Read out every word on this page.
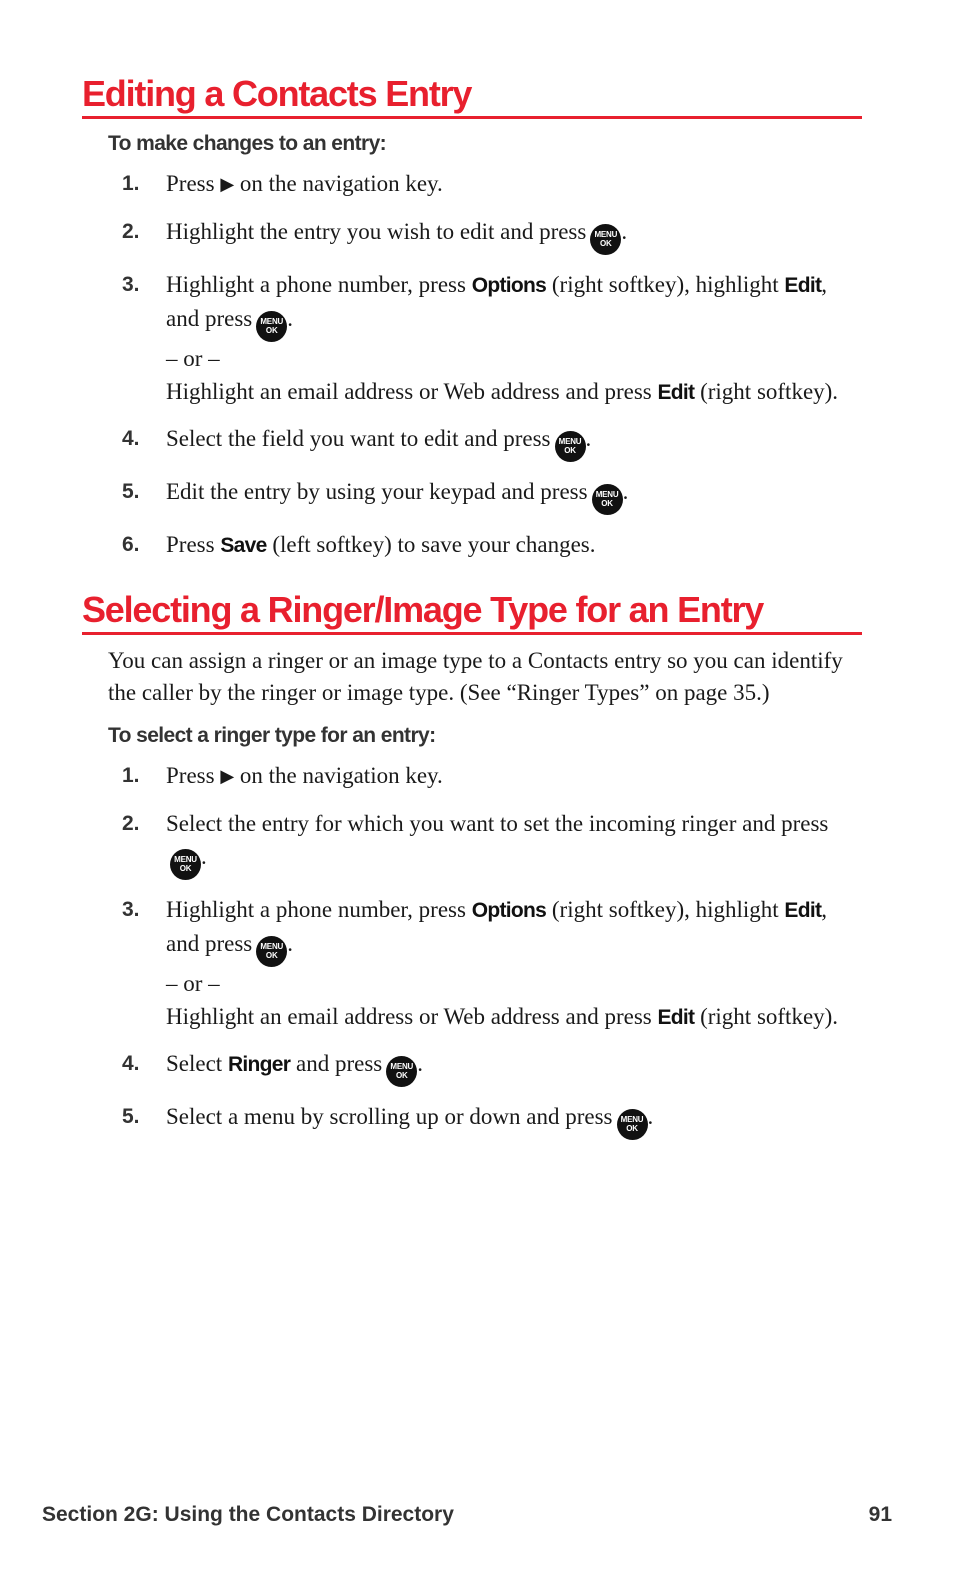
Editing a Contacts Entry
To make changes to an entry:
1. Press ▶ on the navigation key.
2. Highlight the entry you wish to edit and press	MENU
OK .
3. Highlight a phone number, press Options (right softkey), highlight Edit, and press	MENU
OK .
– or –
Highlight an email address or Web address and press Edit (right softkey).
4. Select the field you want to edit and press	MENU
OK .
5. Edit the entry by using your keypad and press	MENU
OK .
6. Press Save (left softkey) to save your changes.
Selecting a Ringer/Image Type for an Entry

You can assign a ringer or an image type to a Contacts entry so you can identify the caller by the ringer or image type. (See “Ringer Types” on page 35.)

To select a ringer type for an entry:
1. Press ▶ on the navigation key.
2. Select the entry for which you want to set the incoming ringer and press
MENU
OK .
3. Highlight a phone number, press Options (right softkey), highlight Edit, and press	MENU
OK .
– or –
Highlight an email address or Web address and press Edit (right softkey).
4. Select Ringer and press	MENU
OK .
5. Select a menu by scrolling up or down and press	MENU
OK .
Section 2G: Using the Contacts Directory	91
